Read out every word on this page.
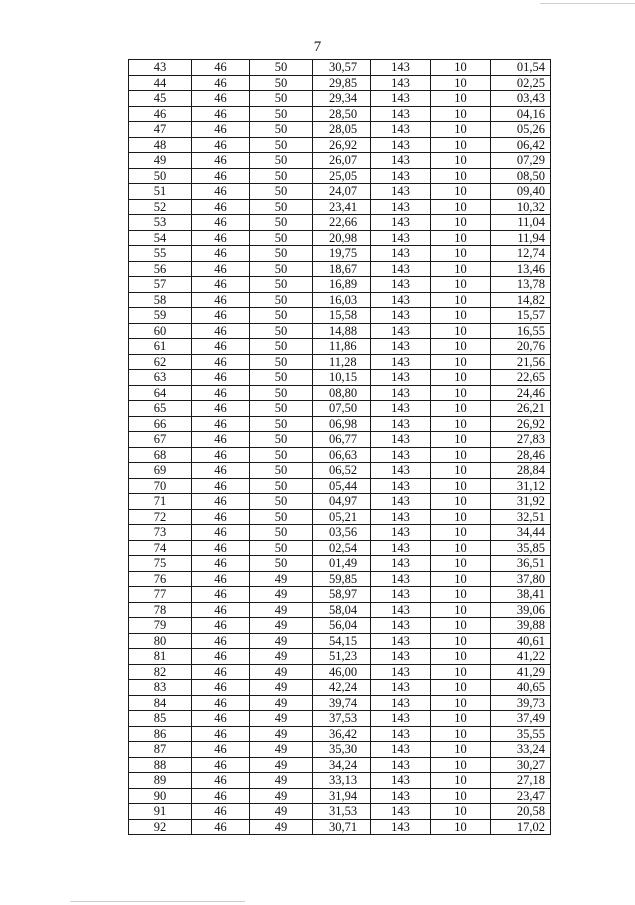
7
43	46	50	30,57	143	10	01,54
44	46	50	29,85	143	10	02,25
45	46	50	29,34	143	10	03,43
46	46	50	28,50	143	10	04,16
47	46	50	28,05	143	10	05,26
48	46	50	26,92	143	10	06,42
49	46	50	26,07	143	10	07,29
50	46	50	25,05	143	10	08,50
51	46	50	24,07	143	10	09,40
52	46	50	23,41	143	10	10,32
53	46	50	22,66	143	10	11,04
54	46	50	20,98	143	10	11,94
55	46	50	19,75	143	10	12,74
56	46	50	18,67	143	10	13,46
57	46	50	16,89	143	10	13,78
58	46	50	16,03	143	10	14,82
59	46	50	15,58	143	10	15,57
60	46	50	14,88	143	10	16,55
61	46	50	11,86	143	10	20,76
62	46	50	11,28	143	10	21,56
63	46	50	10,15	143	10	22,65
64	46	50	08,80	143	10	24,46
65	46	50	07,50	143	10	26,21
66	46	50	06,98	143	10	26,92
67	46	50	06,77	143	10	27,83
68	46	50	06,63	143	10	28,46
69	46	50	06,52	143	10	28,84
70	46	50	05,44	143	10	31,12
71	46	50	04,97	143	10	31,92
72	46	50	05,21	143	10	32,51
73	46	50	03,56	143	10	34,44
74	46	50	02,54	143	10	35,85
75	46	50	01,49	143	10	36,51
76	46	49	59,85	143	10	37,80
77	46	49	58,97	143	10	38,41
78	46	49	58,04	143	10	39,06
79	46	49	56,04	143	10	39,88
80	46	49	54,15	143	10	40,61
81	46	49	51,23	143	10	41,22
82	46	49	46,00	143	10	41,29
83	46	49	42,24	143	10	40,65
84	46	49	39,74	143	10	39,73
85	46	49	37,53	143	10	37,49
86	46	49	36,42	143	10	35,55
87	46	49	35,30	143	10	33,24
88	46	49	34,24	143	10	30,27
89	46	49	33,13	143	10	27,18
90	46	49	31,94	143	10	23,47
91	46	49	31,53	143	10	20,58
92	46	49	30,71	143	10	17,02
